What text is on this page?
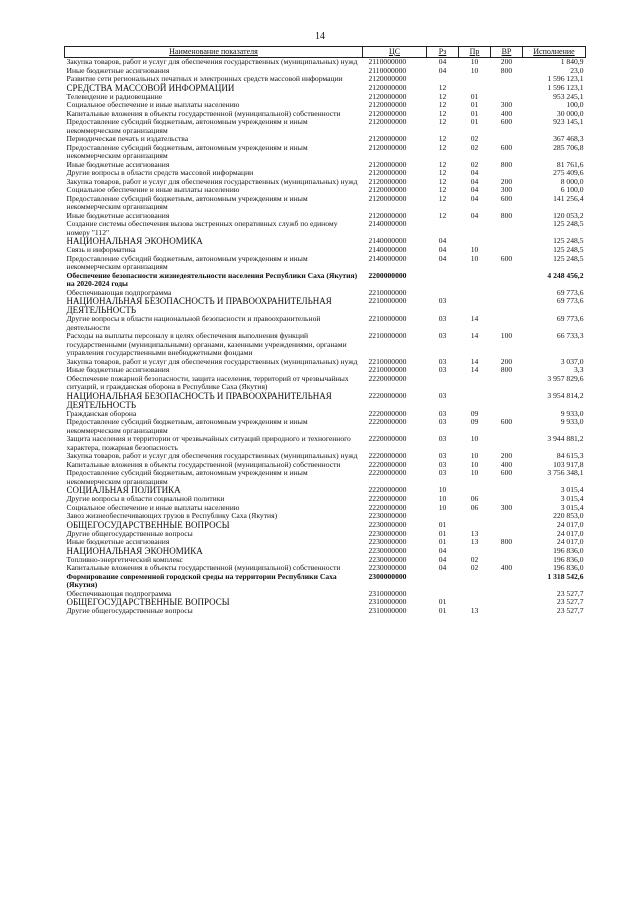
14
Наименование показателя	ЦС	Рз	Пр	ВР	Исполнение
Закупка товаров, работ и услуг для обеспечения государственных (муниципальных) нужд	2110000000	04	10	200	1 840,9
Иные бюджетные ассигнования	2110000000	04	10	800	23,0
Развитие сети региональных печатных и электронных средств массовой информации	2120000000				1 596 123,1
СРЕДСТВА МАССОВОЙ ИНФОРМАЦИИ	2120000000	12			1 596 123,1
Телевидение и радиовещание	2120000000	12	01		953 245,1
Социальное обеспечение и иные выплаты населению	2120000000	12	01	300	100,0
Капитальные вложения в объекты государственной (муниципальной) собственности	2120000000	12	01	400	30 000,0
Предоставление субсидий бюджетным, автономным учреждениям и иным некоммерческим организациям	2120000000	12	01	600	923 145,1
Периодическая печать и издательства	2120000000	12	02		367 468,3
Предоставление субсидий бюджетным, автономным учреждениям и иным некоммерческим организациям	2120000000	12	02	600	285 706,8
Иные бюджетные ассигнования	2120000000	12	02	800	81 761,6
Другие вопросы в области средств массовой информации	2120000000	12	04		275 409,6
Закупка товаров, работ и услуг для обеспечения государственных (муниципальных) нужд	2120000000	12	04	200	8 000,0
Социальное обеспечение и иные выплаты населению	2120000000	12	04	300	6 100,0
Предоставление субсидий бюджетным, автономным учреждениям и иным некоммерческим организациям	2120000000	12	04	600	141 256,4
Иные бюджетные ассигнования	2120000000	12	04	800	120 053,2
Создание системы обеспечения вызова экстренных оперативных служб по единому номеру "112"	2140000000				125 248,5
НАЦИОНАЛЬНАЯ ЭКОНОМИКА	2140000000	04			125 248,5
Связь и информатика	2140000000	04	10		125 248,5
Предоставление субсидий бюджетным, автономным учреждениям и иным некоммерческим организациям	2140000000	04	10	600	125 248,5
Обеспечение безопасности жизнедеятельности населения Республики Саха (Якутия) на 2020-2024 годы	2200000000				4 248 456,2
Обеспечивающая подпрограмма	2210000000				69 773,6
НАЦИОНАЛЬНАЯ БЕЗОПАСНОСТЬ И ПРАВООХРАНИТЕЛЬНАЯ ДЕЯТЕЛЬНОСТЬ	2210000000	03			69 773,6
Другие вопросы в области национальной безопасности и правоохранительной деятельности	2210000000	03	14		69 773,6
Расходы на выплаты персоналу в целях обеспечения выполнения функций государственными (муниципальными) органами, казенными учреждениями, органами управления государственными внебюджетными фондами	2210000000	03	14	100	66 733,3
Закупка товаров, работ и услуг для обеспечения государственных (муниципальных) нужд	2210000000	03	14	200	3 037,0
Иные бюджетные ассигнования	2210000000	03	14	800	3,3
Обеспечение пожарной безопасности, защита населения, территорий от чрезвычайных ситуаций, и гражданская оборона в Республике Саха (Якутия)	2220000000				3 957 829,6
НАЦИОНАЛЬНАЯ БЕЗОПАСНОСТЬ И ПРАВООХРАНИТЕЛЬНАЯ ДЕЯТЕЛЬНОСТЬ	2220000000	03			3 954 814,2
Гражданская оборона	2220000000	03	09		9 933,0
Предоставление субсидий бюджетным, автономным учреждениям и иным некоммерческим организациям	2220000000	03	09	600	9 933,0
Защита населения и территории от чрезвычайных ситуаций природного и техногенного характера, пожарная безопасность	2220000000	03	10		3 944 881,2
Закупка товаров, работ и услуг для обеспечения государственных (муниципальных) нужд	2220000000	03	10	200	84 615,3
Капитальные вложения в объекты государственной (муниципальной) собственности	2220000000	03	10	400	103 917,8
Предоставление субсидий бюджетным, автономным учреждениям и иным некоммерческим организациям	2220000000	03	10	600	3 756 348,1
СОЦИАЛЬНАЯ ПОЛИТИКА	2220000000	10			3 015,4
Другие вопросы в области социальной политики	2220000000	10	06		3 015,4
Социальное обеспечение и иные выплаты населению	2220000000	10	06	300	3 015,4
Завоз жизнеобеспечивающих грузов в Республику Саха (Якутия)	2230000000				220 853,0
ОБЩЕГОСУДАРСТВЕННЫЕ ВОПРОСЫ	2230000000	01			24 017,0
Другие общегосударственные вопросы	2230000000	01	13		24 017,0
Иные бюджетные ассигнования	2230000000	01	13	800	24 017,0
НАЦИОНАЛЬНАЯ ЭКОНОМИКА	2230000000	04			196 836,0
Топливно-энергетический комплекс	2230000000	04	02		196 836,0
Капитальные вложения в объекты государственной (муниципальной) собственности	2230000000	04	02	400	196 836,0
Формирование современной городской среды на территории Республики Саха (Якутия)	2300000000				1 318 542,6
Обеспечивающая подпрограмма	2310000000				23 527,7
ОБЩЕГОСУДАРСТВЕННЫЕ ВОПРОСЫ	2310000000	01			23 527,7
Другие общегосударственные вопросы	2310000000	01	13		23 527,7
